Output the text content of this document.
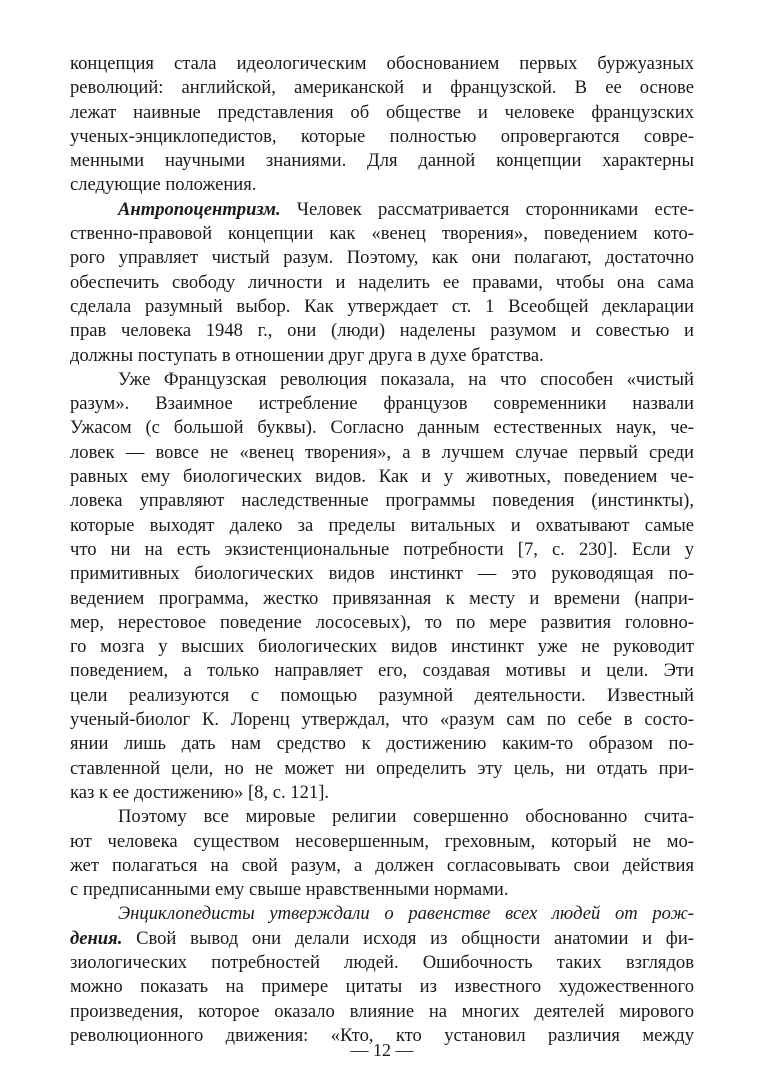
концепция стала идеологическим обоснованием первых буржуазных
революций: английской, американской и французской. В ее основе
лежат наивные представления об обществе и человеке французских
ученых-энциклопедистов, которые полностью опровергаются совре-
менными научными знаниями. Для данной концепции характерны
следующие положения.
Антропоцентризм. Человек рассматривается сторонниками есте-
ственно-правовой концепции как «венец творения», поведением кото-
рого управляет чистый разум. Поэтому, как они полагают, достаточно
обеспечить свободу личности и наделить ее правами, чтобы она сама
сделала разумный выбор. Как утверждает ст. 1 Всеобщей декларации
прав человека 1948 г., они (люди) наделены разумом и совестью и
должны поступать в отношении друг друга в духе братства.
Уже Французская революция показала, на что способен «чистый
разум». Взаимное истребление французов современники назвали
Ужасом (с большой буквы). Согласно данным естественных наук, че-
ловек — вовсе не «венец творения», а в лучшем случае первый среди
равных ему биологических видов. Как и у животных, поведением че-
ловека управляют наследственные программы поведения (инстинкты),
которые выходят далеко за пределы витальных и охватывают самые
что ни на есть экзистенциональные потребности [7, с. 230]. Если у
примитивных биологических видов инстинкт — это руководящая по-
ведением программа, жестко привязанная к месту и времени (напри-
мер, нерестовое поведение лососевых), то по мере развития головно-
го мозга у высших биологических видов инстинкт уже не руководит
поведением, а только направляет его, создавая мотивы и цели. Эти
цели реализуются с помощью разумной деятельности. Известный
ученый-биолог К. Лоренц утверждал, что «разум сам по себе в состо-
янии лишь дать нам средство к достижению каким-то образом по-
ставленной цели, но не может ни определить эту цель, ни отдать при-
каз к ее достижению» [8, с. 121].
Поэтому все мировые религии совершенно обоснованно счита-
ют человека существом несовершенным, греховным, который не мо-
жет полагаться на свой разум, а должен согласовывать свои действия
с предписанными ему свыше нравственными нормами.
Энциклопедисты утверждали о равенстве всех людей от рож-
дения. Свой вывод они делали исходя из общности анатомии и фи-
зиологических потребностей людей. Ошибочность таких взглядов
можно показать на примере цитаты из известного художественного
произведения, которое оказало влияние на многих деятелей мирового
революционного движения: «Кто, кто установил различия между
— 12 —
